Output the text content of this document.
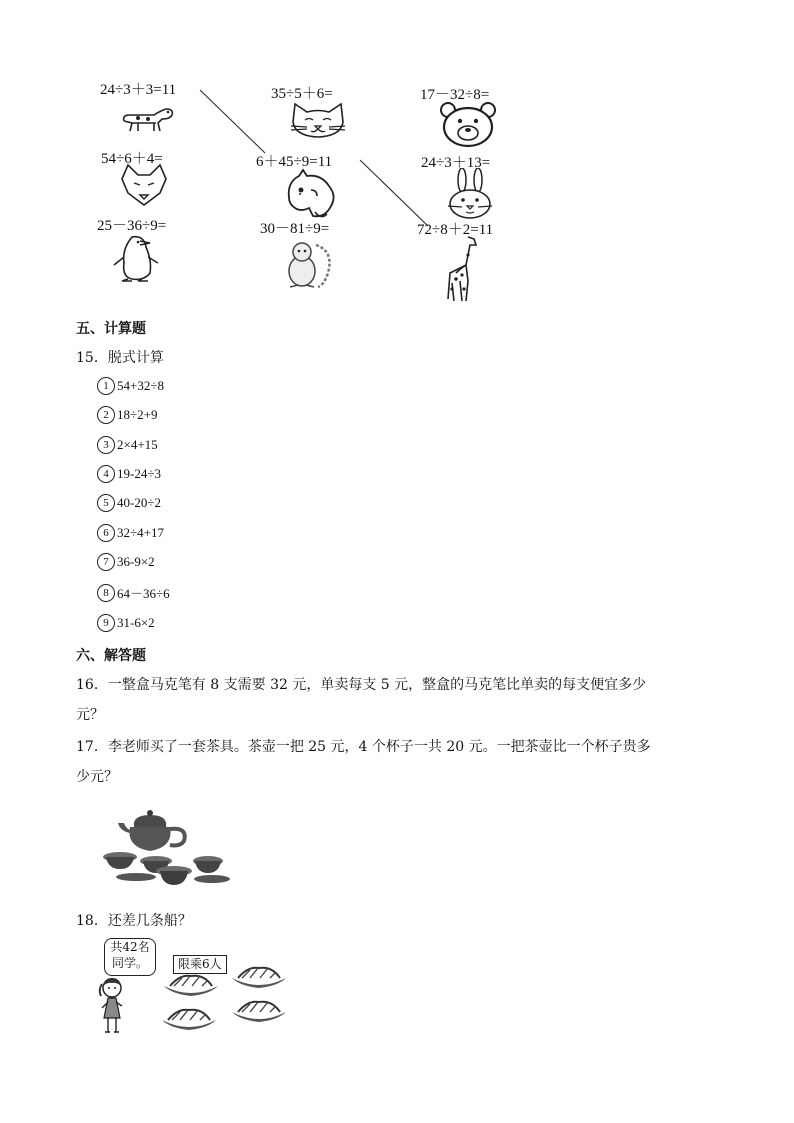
24÷3＋3=11	35÷5＋6=	17－32÷8=
54÷6＋4=	6＋45÷9=11	24÷3＋13=
25－36÷9=	30－81÷9=	72÷8＋2=11
五、计算题
15．脱式计算
1 54+32÷8
2 18÷2+9
3 2×4+15
4 19-24÷3
5 40-20÷2
6 32÷4+17
7 36-9×2
8 64－36÷6
9 31-6×2
六、解答题
16．一整盒马克笔有 8 支需要 32 元，单卖每支 5 元，整盒的马克笔比单卖的每支便宜多少
元？
17．李老师买了一套茶具。茶壶一把 25 元，4 个杯子一共 20 元。一把茶壶比一个杯子贵多
少元？
18．还差几条船？
共42名
同学。	限乘6人
